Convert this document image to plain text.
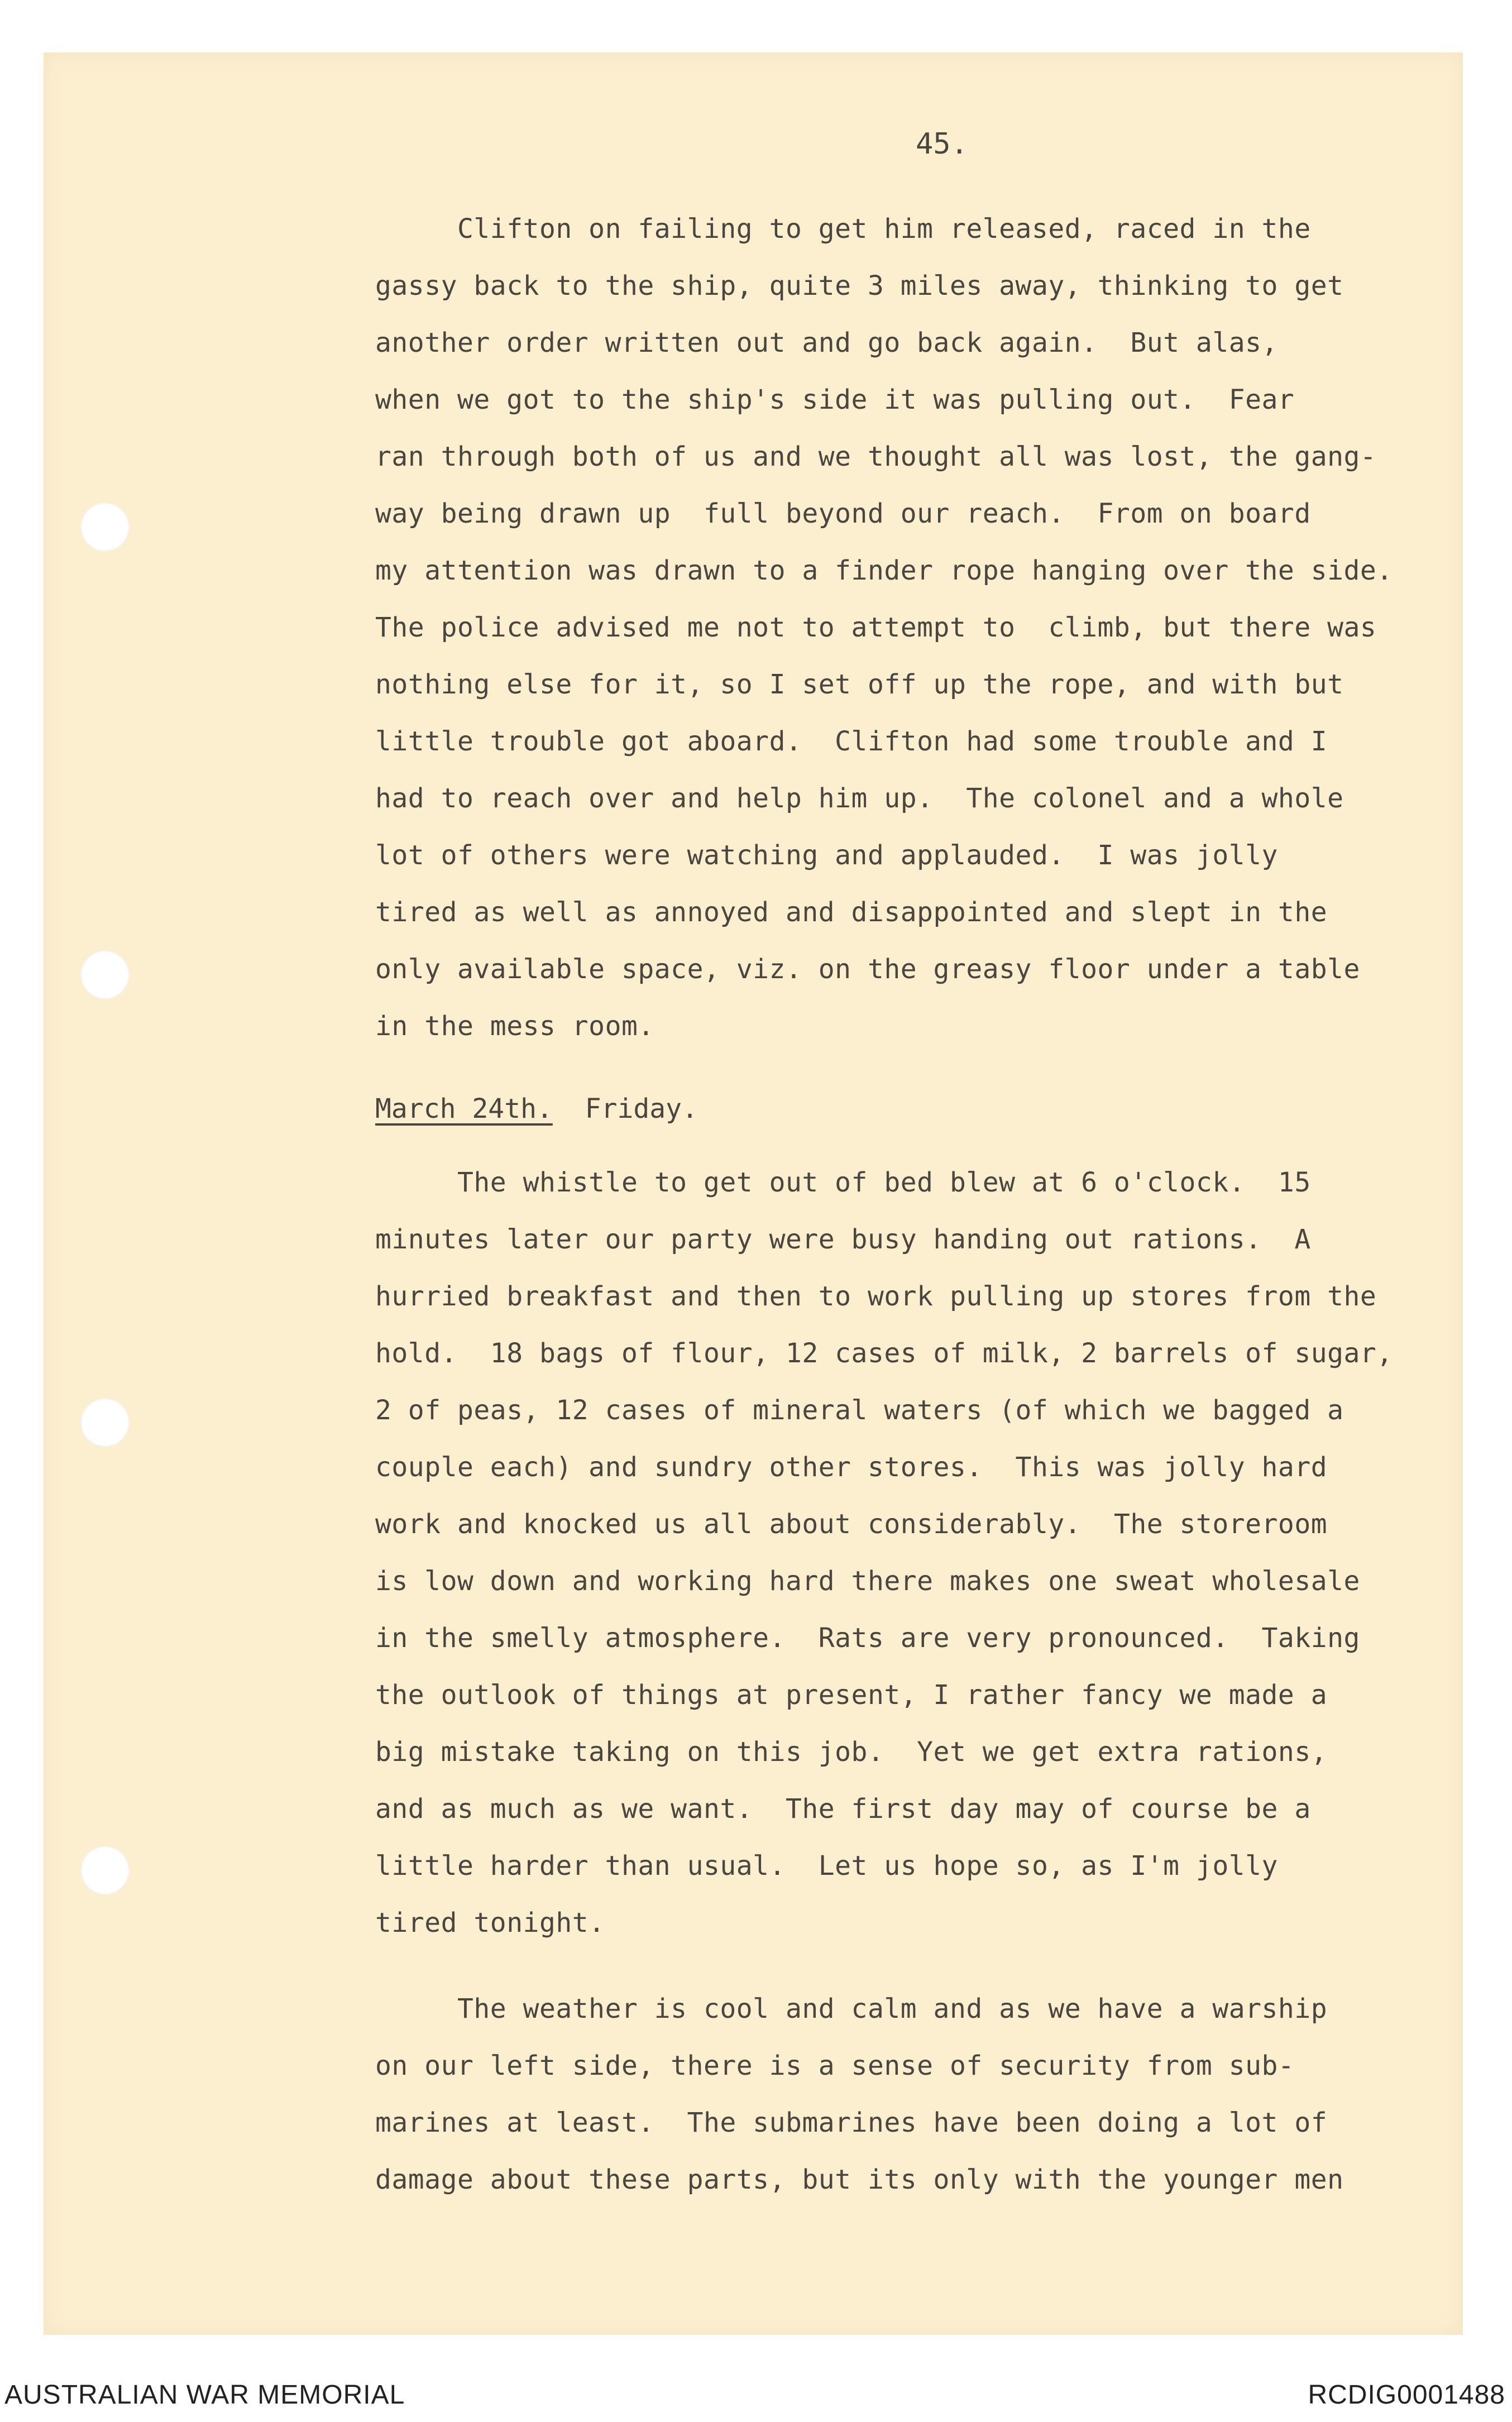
45.
Clifton on failing to get him released, raced in the
gassy back to the ship, quite 3 miles away, thinking to get
another order written out and go back again.  But alas,
when we got to the ship's side it was pulling out.  Fear
ran through both of us and we thought all was lost, the gang-
way being drawn up  full beyond our reach.  From on board
my attention was drawn to a finder rope hanging over the side.
The police advised me not to attempt to  climb, but there was
nothing else for it, so I set off up the rope, and with but
little trouble got aboard.  Clifton had some trouble and I
had to reach over and help him up.  The colonel and a whole
lot of others were watching and applauded.  I was jolly
tired as well as annoyed and disappointed and slept in the
only available space, viz. on the greasy floor under a table
in the mess room.
March 24th. Friday.
The whistle to get out of bed blew at 6 o'clock.  15
minutes later our party were busy handing out rations.  A
hurried breakfast and then to work pulling up stores from the
hold.  18 bags of flour, 12 cases of milk, 2 barrels of sugar,
2 of peas, 12 cases of mineral waters (of which we bagged a
couple each) and sundry other stores.  This was jolly hard
work and knocked us all about considerably.  The storeroom
is low down and working hard there makes one sweat wholesale
in the smelly atmosphere.  Rats are very pronounced.  Taking
the outlook of things at present, I rather fancy we made a
big mistake taking on this job.  Yet we get extra rations,
and as much as we want.  The first day may of course be a
little harder than usual.  Let us hope so, as I'm jolly
tired tonight.
The weather is cool and calm and as we have a warship
on our left side, there is a sense of security from sub-
marines at least.  The submarines have been doing a lot of
damage about these parts, but its only with the younger men
AUSTRALIAN WAR MEMORIAL	RCDIG0001488
